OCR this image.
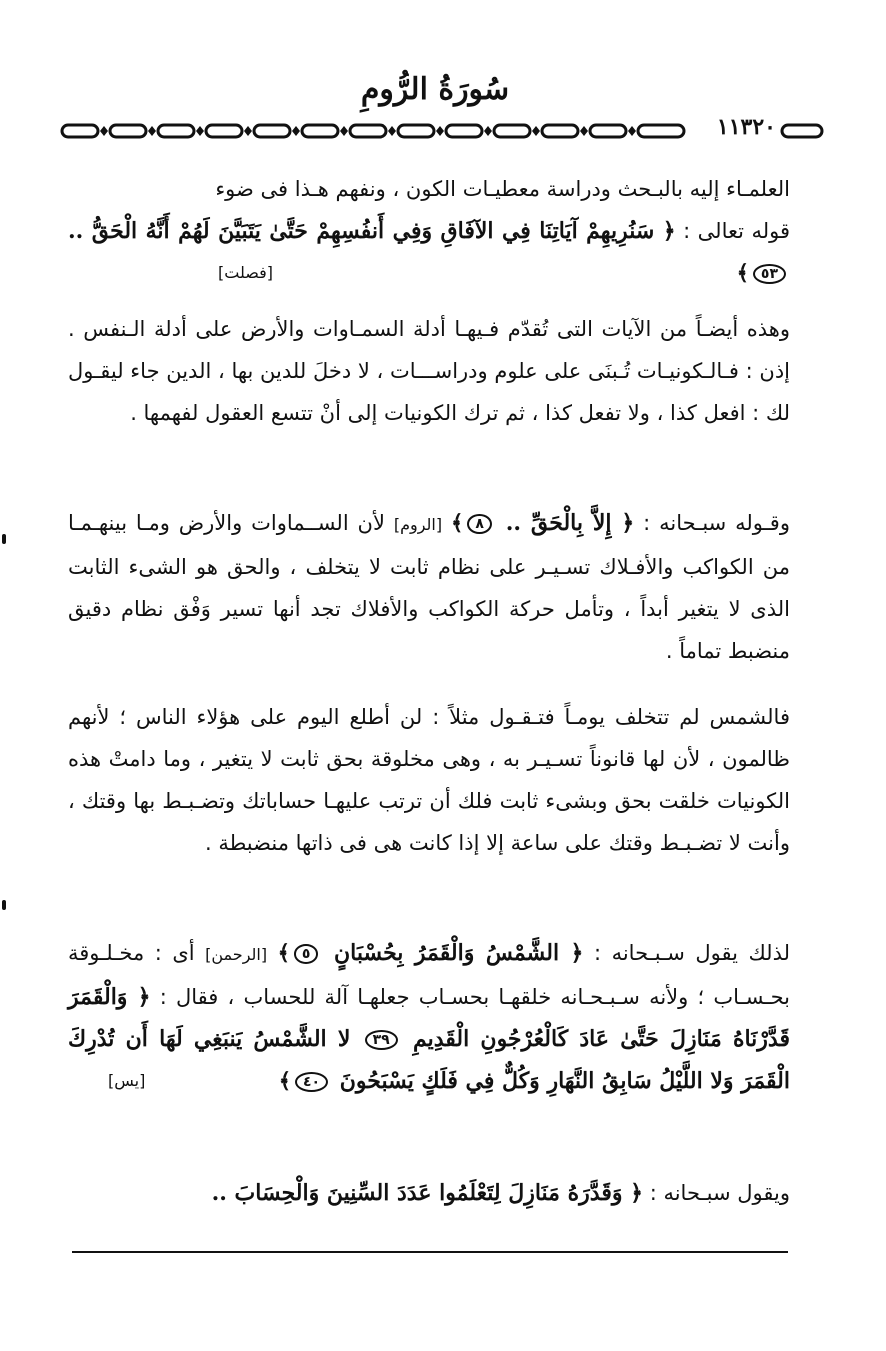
سُورَةُ الرُّومِ
١١٣٢٠

العلمـاء إليه بالبـحث ودراسة معطيـات الكون ، ونفهم هـذا فى ضوء

قوله تعالى : ﴿ سَنُرِيهِمْ آيَاتِنَا فِي الآفَاقِ وَفِي أَنفُسِهِمْ حَتَّىٰ يَتَبَيَّنَ لَهُمْ أَنَّهُ الْحَقُّ .. ٥٣﴾
[فصلت]

وهذه أيضـاً من الآيات التى تُقدّم فـيهـا أدلة السمـاوات والأرض على أدلة الـنفس . إذن : فـالـكونيـات تُـبنَى على علوم ودراســـات ، لا دخلَ للدين بها ، الدين جاء ليقـول لك : افعل كذا ، ولا تفعل كذا ، ثم ترك الكونيات إلى أنْ تتسع العقول لفهمها .

وقـوله سبـحانه : ﴿ إِلاَّ بِالْحَقِّ .. ٨﴾ [الروم] لأن الســماوات والأرض ومـا بينهـمـا من الكواكب والأفـلاك تسـيـر على نظام ثابت لا يتخلف ، والحق هو الشىء الثابت الذى لا يتغير أبداً ، وتأمل حركة الكواكب والأفلاك تجد أنها تسير وَفْق نظام دقيق منضبط تماماً .

فالشمس لم تتخلف يومـاً فتـقـول مثلاً : لن أطلع اليوم على هؤلاء الناس ؛ لأنهم ظالمون ، لأن لها قانوناً تسـيـر به ، وهى مخلوقة بحق ثابت لا يتغير ، وما دامتْ هذه الكونيات خلقت بحق وبشىء ثابت فلك أن ترتب عليهـا حساباتك وتضـبـط بها وقتك ، وأنت لا تضـبـط وقتك على ساعة إلا إذا كانت هى فى ذاتها منضبطة .

لذلك يقول سـبـحانه : ﴿ الشَّمْسُ وَالْقَمَرُ بِحُسْبَانٍ ٥﴾ [الرحمن] أى : مخـلـوقة بحـسـاب ؛ ولأنه سـبـحـانه خلقهـا بحسـاب جعلهـا آلة للحساب ، فقال : ﴿ وَالْقَمَرَ قَدَّرْنَاهُ مَنَازِلَ حَتَّىٰ عَادَ كَالْعُرْجُونِ الْقَدِيمِ ٣٩ لا الشَّمْسُ يَنبَغِي لَهَا أَن تُدْرِكَ الْقَمَرَ وَلا اللَّيْلُ سَابِقُ النَّهَارِ وَكُلٌّ فِي فَلَكٍ يَسْبَحُونَ ٤٠﴾
[يس]

ويقول سبـحانه : ﴿ وَقَدَّرَهُ مَنَازِلَ لِتَعْلَمُوا عَدَدَ السِّنِينَ وَالْحِسَابَ ..
